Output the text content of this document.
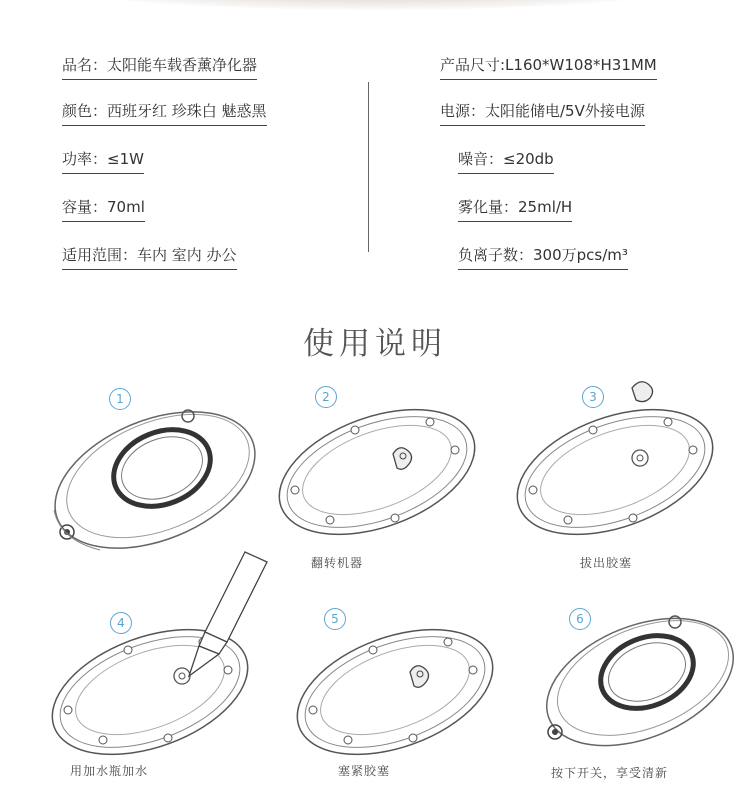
品名：太阳能车载香薰净化器
颜色：西班牙红 珍珠白 魅惑黑
功率：≤1W
容量：70ml
适用范围：车内 室内 办公
产品尺寸:L160*W108*H31MM
电源：太阳能储电/5V外接电源
噪音：≤20db
雾化量：25ml/H
负离子数：300万pcs/m³
使用说明
1	2
翻转机器
3
拔出胶塞
4
用加水瓶加水
5
塞紧胶塞
6
按下开关，享受清新
